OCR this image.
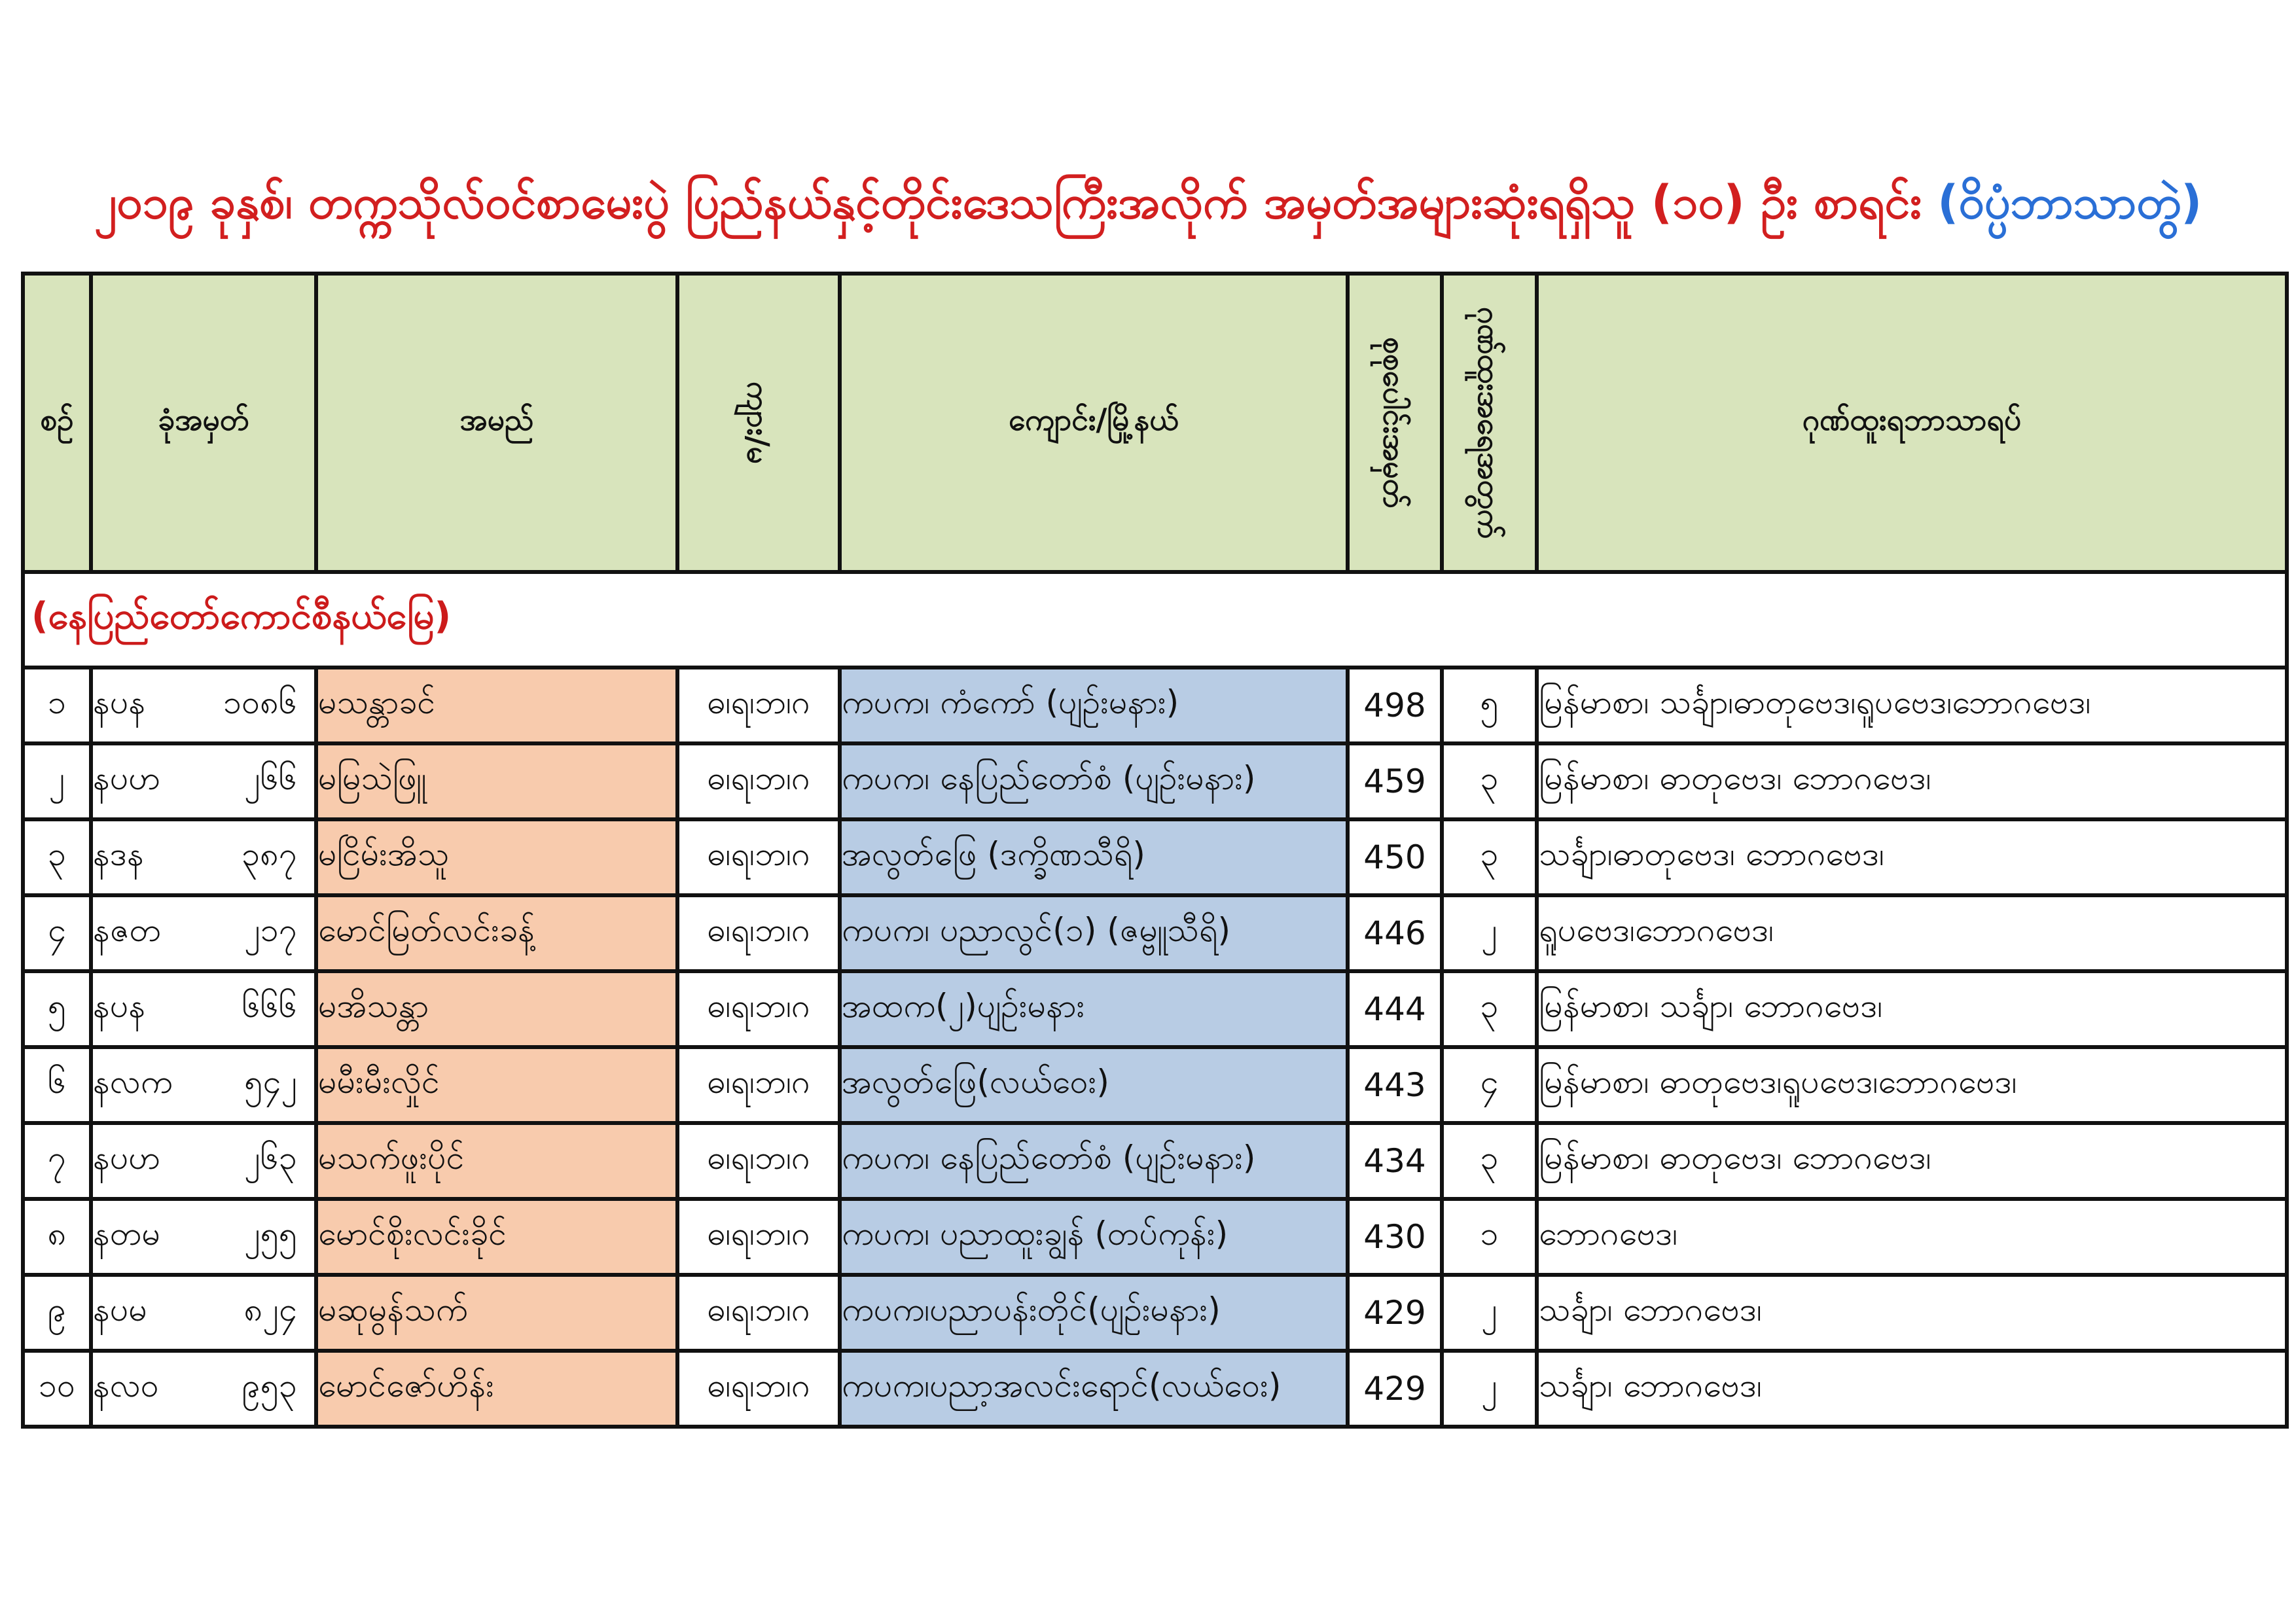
၂၀၁၉ ခုနှစ်၊ တက္ကသိုလ်ဝင်စာမေးပွဲ ပြည်နယ်နှင့်တိုင်းဒေသကြီးအလိုက် အမှတ်အများဆုံးရရှိသူ (၁၀) ဦး စာရင်း (ဝိပ္ပံဘာသာတွဲ)
စဉ်	ခုံအမှတ်	အမည်	ကျား/မ	ကျောင်း/မြို့နယ်	စုစုပေါင်းအမှတ်	ဂုဏ်ထူးအရေအတွက်	ဂုဏ်ထူးရဘာသာရပ်
(နေပြည်တော်ကောင်စီနယ်မြေ)							
၁	နပန ၁၀၈၆	မသန္တာခင်	ဓ၊ရ၊ဘ၊ဂ	ကပက၊ ကံကော် (ပျဉ်းမနား)	498	၅	မြန်မာစာ၊ သင်္ချာ၊ဓာတုဗေဒ၊ရူပဗေဒ၊ဘောဂဗေဒ၊
၂	နပဟ ၂၆၆	မမြသဲဖြူ	ဓ၊ရ၊ဘ၊ဂ	ကပက၊ နေပြည်တော်စံ (ပျဉ်းမနား)	459	၃	မြန်မာစာ၊ ဓာတုဗေဒ၊ ဘောဂဗေဒ၊
၃	နဒန ၃၈၇	မငြိမ်းအိသူ	ဓ၊ရ၊ဘ၊ဂ	အလွတ်ဖြေ (ဒက္ခိဏသီရိ)	450	၃	သင်္ချာ၊ဓာတုဗေဒ၊ ဘောဂဗေဒ၊
၄	နဇတ ၂၁၇	မောင်မြတ်လင်းခန့်	ဓ၊ရ၊ဘ၊ဂ	ကပက၊ ပညာလွင်(၁) (ဇမ္ဗူသီရိ)	446	၂	ရူပဗေဒ၊ဘောဂဗေဒ၊
၅	နပန ၆၆၆	မအိသန္တာ	ဓ၊ရ၊ဘ၊ဂ	အထက(၂)ပျဉ်းမနား	444	၃	မြန်မာစာ၊ သင်္ချာ၊ ဘောဂဗေဒ၊
၆	နလက ၅၄၂	မမီးမီးလှိုင်	ဓ၊ရ၊ဘ၊ဂ	အလွတ်ဖြေ(လယ်ဝေး)	443	၄	မြန်မာစာ၊ ဓာတုဗေဒ၊ရူပဗေဒ၊ဘောဂဗေဒ၊
၇	နပဟ ၂၆၃	မသက်ဖူးပိုင်	ဓ၊ရ၊ဘ၊ဂ	ကပက၊ နေပြည်တော်စံ (ပျဉ်းမနား)	434	၃	မြန်မာစာ၊ ဓာတုဗေဒ၊ ဘောဂဗေဒ၊
၈	နတမ ၂၅၅	မောင်စိုးလင်းခိုင်	ဓ၊ရ၊ဘ၊ဂ	ကပက၊ ပညာထူးချွန် (တပ်ကုန်း)	430	၁	ဘောဂဗေဒ၊
၉	နပမ ၈၂၄	မဆုမွန်သက်	ဓ၊ရ၊ဘ၊ဂ	ကပက၊ပညာပန်းတိုင်(ပျဉ်းမနား)	429	၂	သင်္ချာ၊ ဘောဂဗေဒ၊
၁၀	နလဝ ၉၅၃	မောင်ဇော်ဟိန်း	ဓ၊ရ၊ဘ၊ဂ	ကပက၊ပညာ့အလင်းရောင်(လယ်ဝေး)	429	၂	သင်္ချာ၊ ဘောဂဗေဒ၊
